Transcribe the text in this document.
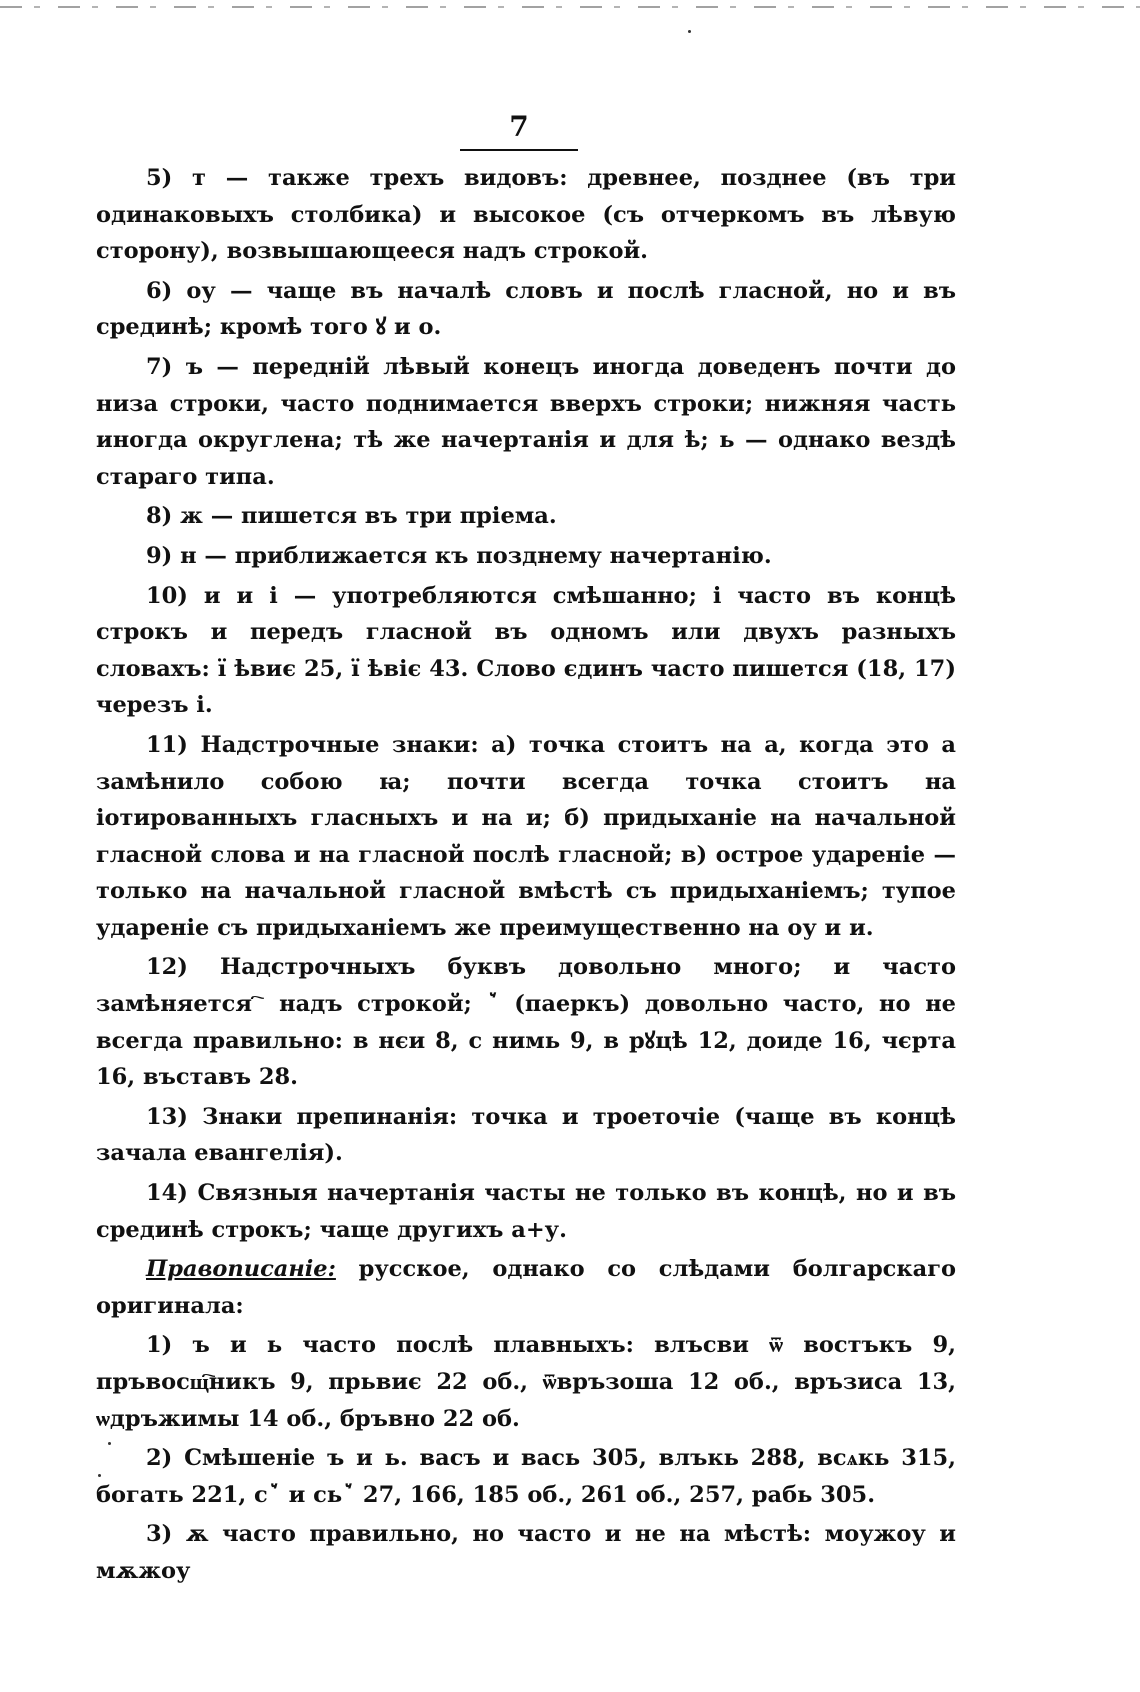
7

5) т — также трехъ видовъ: древнее, позднее (въ три одинаковыхъ столбика) и высокое (съ отчеркомъ въ лѣвую сторону), возвышающееся надъ строкой.

6) оу — чаще въ началѣ словъ и послѣ гласной, но и въ срединѣ; кромѣ того ꙋ и о.

7) ъ — передній лѣвый конецъ иногда доведенъ почти до низа строки, часто поднимается вверхъ строки; нижняя часть иногда округлена; тѣ же начертанія и для ѣ; ь — однако вездѣ стараго типа.

8) ж — пишется въ три пріема.

9) н — приближается къ позднему начертанію.

10) и и і — употребляются смѣшанно; і часто въ концѣ строкъ и передъ гласной въ одномъ или двухъ разныхъ словахъ: ї ѣвиє 25, ї ѣвіє 43. Слово єдинъ часто пишется (18, 17) черезъ і.

11) Надстрочные знаки: а) точка стоитъ на а, когда это а замѣнило собою ꙗ; почти всегда точка стоитъ на іотированныхъ гласныхъ и на и; б) придыханіе на начальной гласной слова и на гласной послѣ гласной; в) острое удареніе — только на начальной гласной вмѣстѣ съ придыханіемъ; тупое удареніе съ придыханіемъ же преимущественно на оу и и.

12) Надстрочныхъ буквъ довольно много; и часто замѣняется ҇ надъ строкой; ꙿ (паеркъ) довольно часто, но не всегда правильно: в нєи 8, с нимь 9, в рꙋцѣ 12, доиде 16, чєрта 16, въставъ 28.

13) Знаки препинанія: точка и троеточіе (чаще въ концѣ зачала евангелія).

14) Связныя начертанія часты не только въ концѣ, но и въ срединѣ строкъ; чаще другихъ а+у.

Правописаніе: русское, однако со слѣдами болгарскаго оригинала:

1) ъ и ь часто послѣ плавныхъ: влъсви ѿ востъкъ 9, пръвосщ҇никъ 9, прьвиє 22 об., ѿвръзоша 12 об., връзиса 13, ѡдръжимы 14 об., бръвно 22 об.

2) Смѣшеніе ъ и ь. васъ и вась 305, влъкь 288, всѧкь 315, богать 221, сꙿ и сьꙿ 27, 166, 185 об., 261 об., 257, рабь 305.

3) ѫ часто правильно, но часто и не на мѣстѣ: моужоу и мѫжоу
